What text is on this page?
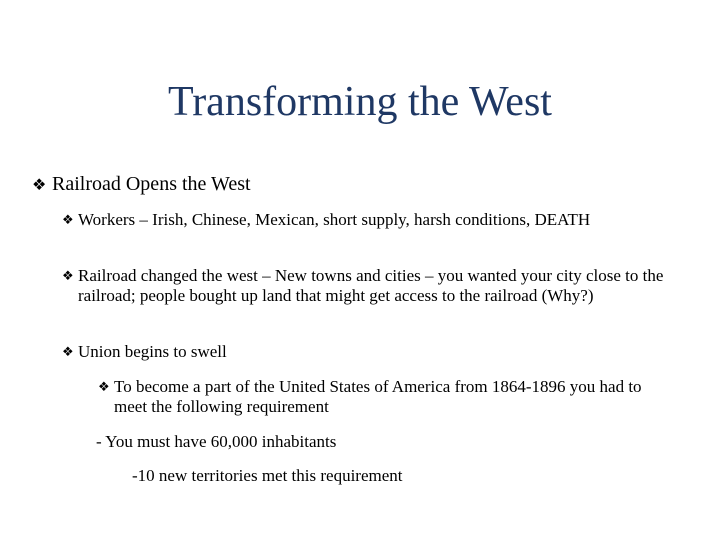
Transforming the West
❖ Railroad Opens the West
❖ Workers – Irish, Chinese, Mexican, short supply, harsh conditions, DEATH
❖ Railroad changed the west – New towns and cities – you wanted your city close to the railroad; people bought up land that might get access to the railroad (Why?)
❖ Union begins to swell
❖ To become a part of the United States of America from 1864-1896 you had to meet the following requirement
- You must have 60,000 inhabitants
-10 new territories met this requirement
